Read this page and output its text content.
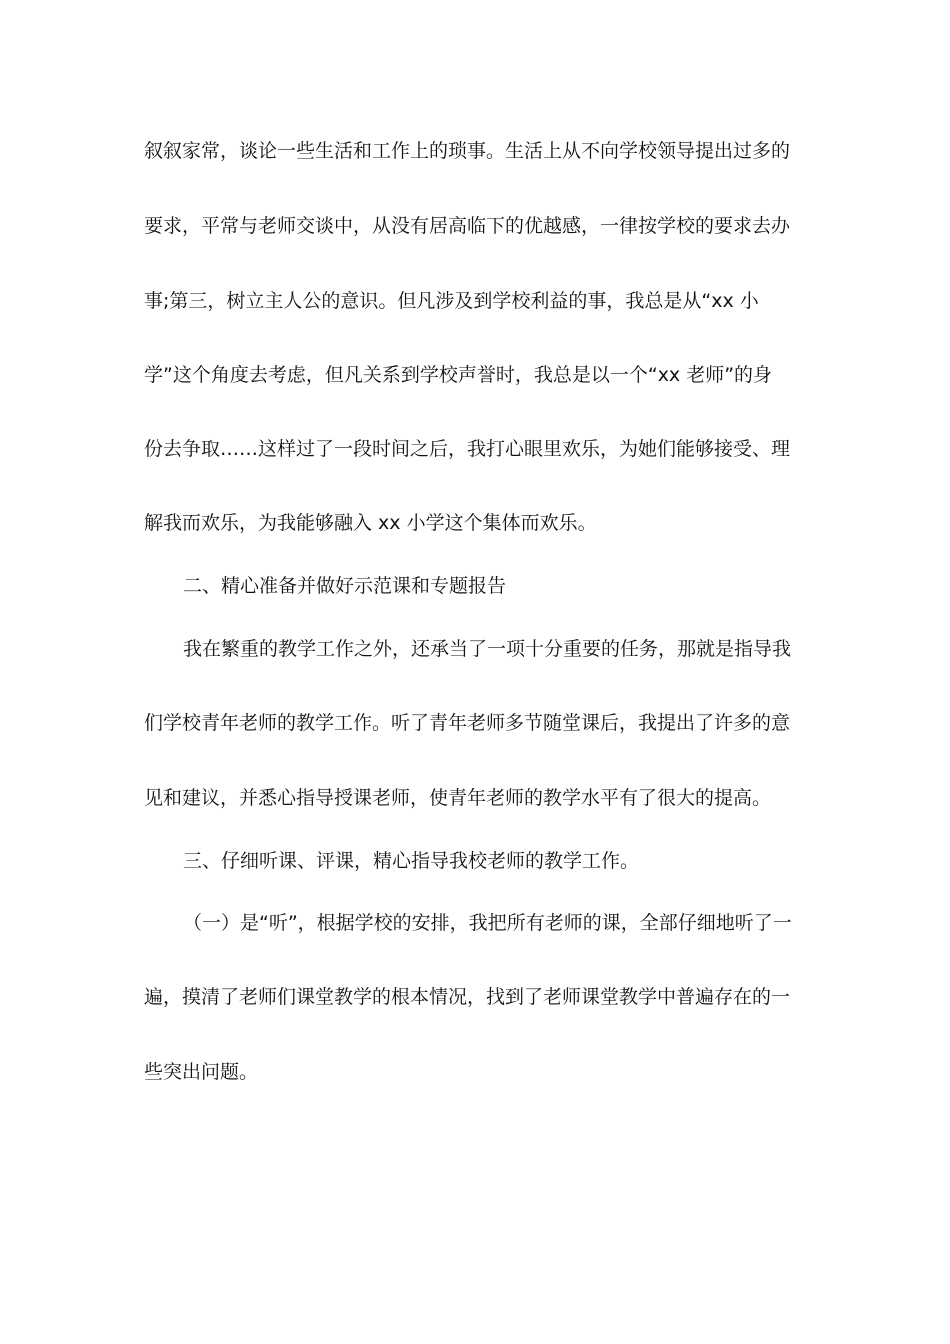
叙叙家常，谈论一些生活和工作上的琐事。生活上从不向学校领导提出过多的
要求，平常与老师交谈中，从没有居高临下的优越感，一律按学校的要求去办
事;第三，树立主人公的意识。但凡涉及到学校利益的事，我总是从“xx 小
学”这个角度去考虑，但凡关系到学校声誉时，我总是以一个“xx 老师”的身
份去争取……这样过了一段时间之后，我打心眼里欢乐，为她们能够接受、理
解我而欢乐，为我能够融入 xx 小学这个集体而欢乐。
二、精心准备并做好示范课和专题报告
我在繁重的教学工作之外，还承当了一项十分重要的任务，那就是指导我
们学校青年老师的教学工作。听了青年老师多节随堂课后，我提出了许多的意
见和建议，并悉心指导授课老师，使青年老师的教学水平有了很大的提高。
三、仔细听课、评课，精心指导我校老师的教学工作。
（一）是“听”，根据学校的安排，我把所有老师的课，全部仔细地听了一
遍，摸清了老师们课堂教学的根本情况，找到了老师课堂教学中普遍存在的一
些突出问题。
